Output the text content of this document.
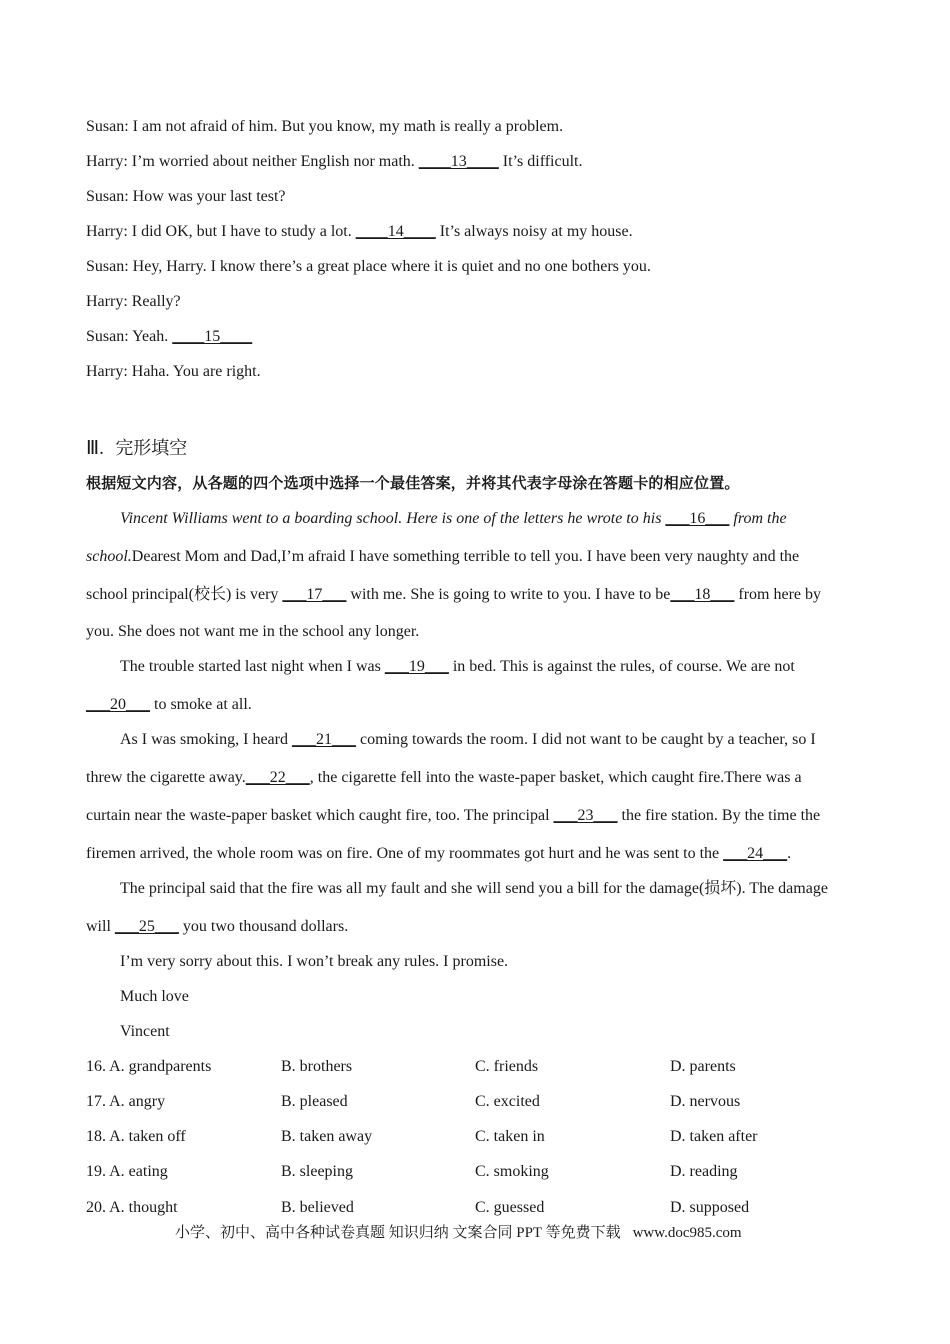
Susan: I am not afraid of him. But you know, my math is really a problem.
Harry: I’m worried about neither English nor math. ____13____ It’s difficult.
Susan: How was your last test?
Harry: I did OK, but I have to study a lot. ____14____ It’s always noisy at my house.
Susan: Hey, Harry. I know there’s a great place where it is quiet and no one bothers you.
Harry: Really?
Susan: Yeah. ____15____
Harry: Haha. You are right.
Ⅲ. 完形填空
根据短文内容，从各题的四个选项中选择一个最佳答案，并将其代表字母涂在答题卡的相应位置。
Vincent Williams went to a boarding school. Here is one of the letters he wrote to his ___16___ from the
school.Dearest Mom and Dad,I’m afraid I have something terrible to tell you. I have been very naughty and the
school principal(校长) is very ___17___ with me. She is going to write to you. I have to be___18___ from here by
you. She does not want me in the school any longer.
The trouble started last night when I was ___19___ in bed. This is against the rules, of course. We are not
___20___ to smoke at all.
As I was smoking, I heard ___21___ coming towards the room. I did not want to be caught by a teacher, so I
threw the cigarette away.___22___, the cigarette fell into the waste-paper basket, which caught fire.There was a
curtain near the waste-paper basket which caught fire, too. The principal ___23___ the fire station. By the time the
firemen arrived, the whole room was on fire. One of my roommates got hurt and he was sent to the ___24___.
The principal said that the fire was all my fault and she will send you a bill for the damage(损坏). The damage
will ___25___ you two thousand dollars.
I’m very sorry about this. I won’t break any rules. I promise.
Much love
Vincent
16. A. grandparents	B. brothers	C. friends	D. parents
17. A. angry	B. pleased	C. excited	D. nervous
18. A. taken off	B. taken away	C. taken in	D. taken after
19. A. eating	B. sleeping	C. smoking	D. reading
20. A. thought	B. believed	C. guessed	D. supposed
小学、初中、高中各种试卷真题 知识归纳 文案合同 PPT 等免费下载 www.doc985.com
